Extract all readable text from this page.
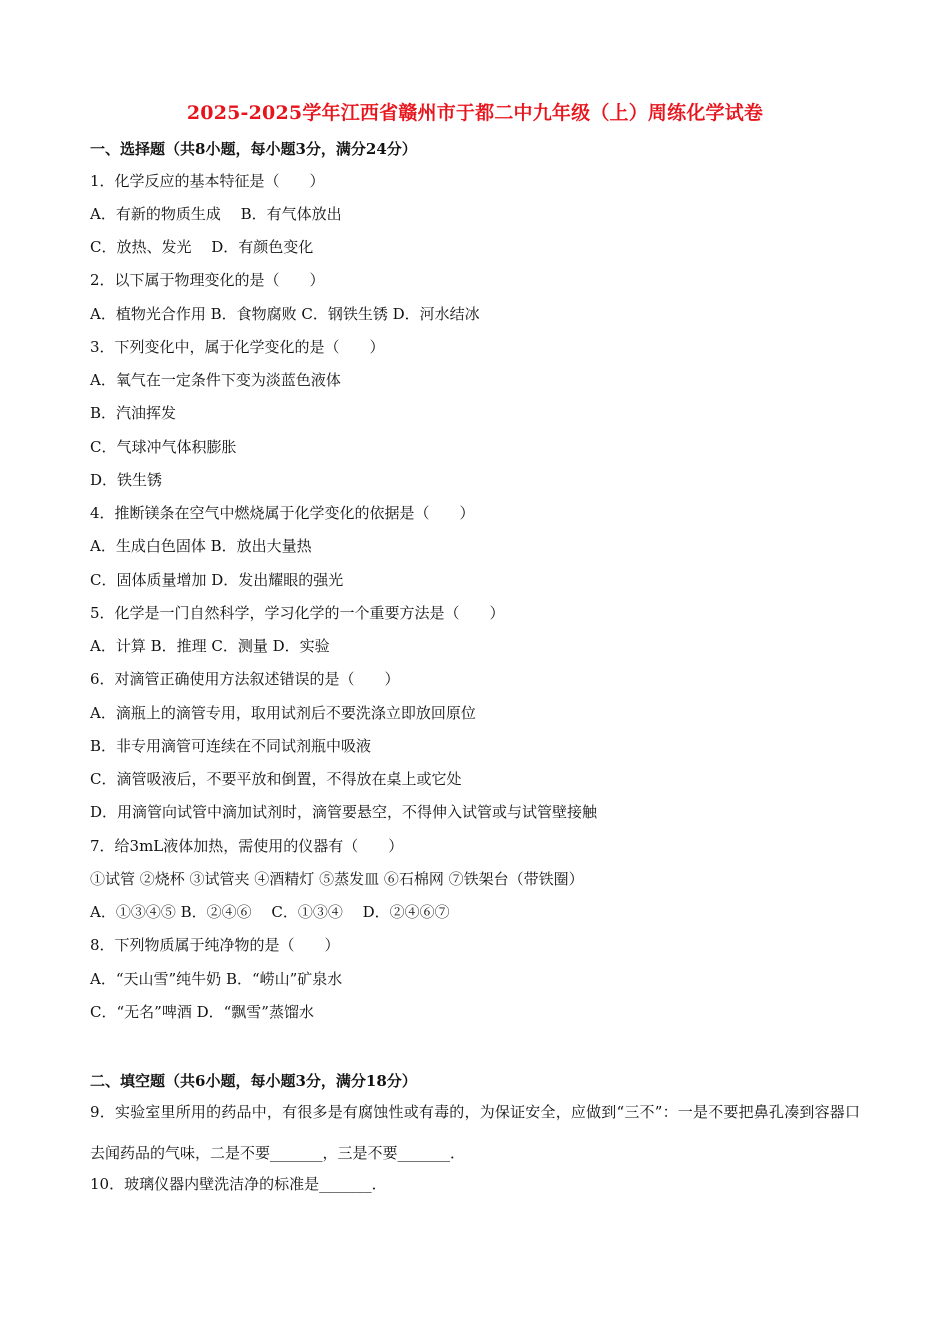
2025-2025学年江西省赣州市于都二中九年级（上）周练化学试卷
一、选择题（共8小题，每小题3分，满分24分）
1．化学反应的基本特征是（　　）
A．有新的物质生成　 B．有气体放出
C．放热、发光　 D．有颜色变化
2．以下属于物理变化的是（　　）
A．植物光合作用 B．食物腐败 C．钢铁生锈 D．河水结冰
3．下列变化中，属于化学变化的是（　　）
A．氧气在一定条件下变为淡蓝色液体
B．汽油挥发
C．气球冲气体积膨胀
D．铁生锈
4．推断镁条在空气中燃烧属于化学变化的依据是（　　）
A．生成白色固体 B．放出大量热
C．固体质量增加 D．发出耀眼的强光
5．化学是一门自然科学，学习化学的一个重要方法是（　　）
A．计算 B．推理 C．测量 D．实验
6．对滴管正确使用方法叙述错误的是（　　）
A．滴瓶上的滴管专用，取用试剂后不要洗涤立即放回原位
B．非专用滴管可连续在不同试剂瓶中吸液
C．滴管吸液后，不要平放和倒置，不得放在桌上或它处
D．用滴管向试管中滴加试剂时，滴管要悬空，不得伸入试管或与试管壁接触
7．给3mL液体加热，需使用的仪器有（　　）
①试管 ②烧杯 ③试管夹 ④酒精灯 ⑤蒸发皿 ⑥石棉网 ⑦铁架台（带铁圈）
A．①③④⑤ B．②④⑥　 C．①③④　 D．②④⑥⑦
8．下列物质属于纯净物的是（　　）
A．“天山雪”纯牛奶 B．“崂山”矿泉水
C．“无名”啤酒 D．“飘雪”蒸馏水
二、填空题（共6小题，每小题3分，满分18分）
9．实验室里所用的药品中，有很多是有腐蚀性或有毒的，为保证安全，应做到“三不”：一是不要把鼻孔凑到容器口去闻药品的气味，二是不要_______，三是不要_______．
10．玻璃仪器内壁洗洁净的标准是_______．
